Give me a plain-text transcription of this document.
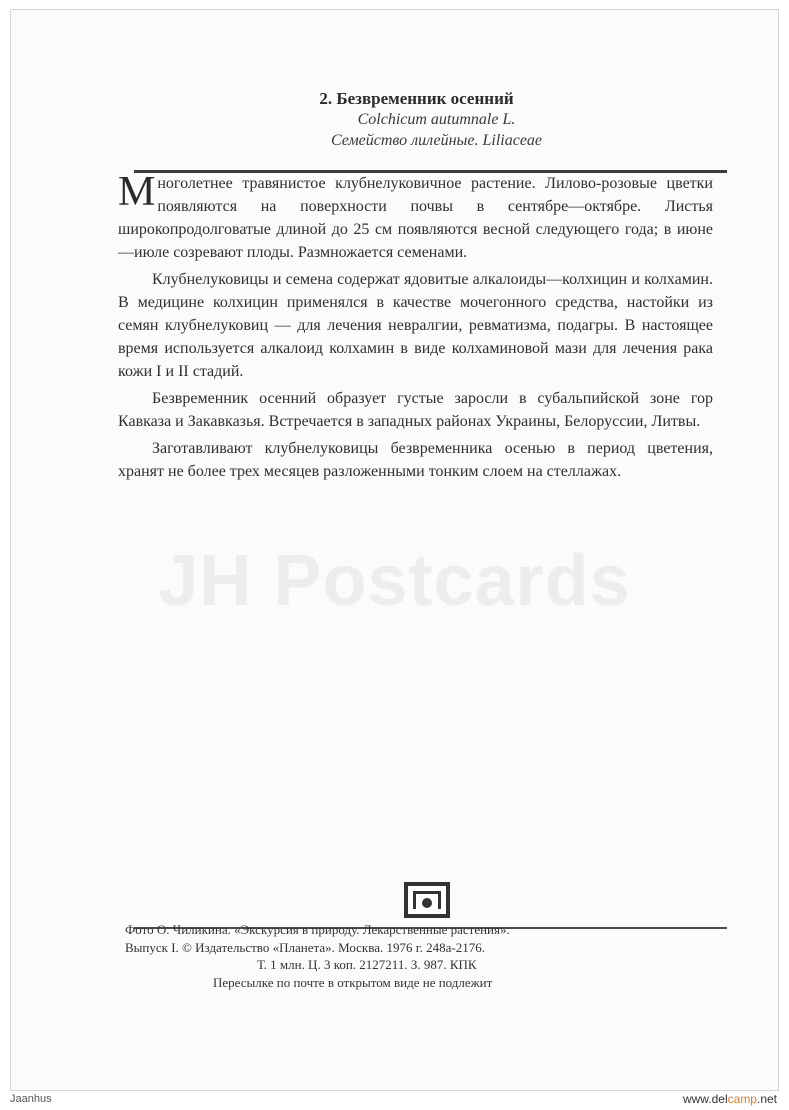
2. Безвременник осенний
Colchicum autumnale L.
Семейство лилейные. Liliaceae
JH Postcards

Многолетнее травянистое клубнелуковичное растение. Лилово-розовые цветки появляются на поверхности почвы в сентябре—октябре. Листья широкопродолговатые длиной до 25 см появляются весной следующего года; в июне—июле созревают плоды. Размножается семенами.

Клубнелуковицы и семена содержат ядовитые алкалоиды—колхицин и колхамин. В медицине колхицин применялся в качестве мочегонного средства, настойки из семян клубнелуковиц — для лечения невралгии, ревматизма, подагры. В настоящее время используется алкалоид колхамин в виде колхаминовой мази для лечения рака кожи I и II стадий.

Безвременник осенний образует густые заросли в субальпийской зоне гор Кавказа и Закавказья. Встречается в западных районах Украины, Белоруссии, Литвы.

Заготавливают клубнелуковицы безвременника осенью в период цветения, хранят не более трех месяцев разложенными тонким слоем на стеллажах.

Фото О. Чиликина. «Экскурсия в природу. Лекарственные растения».
Выпуск I. © Издательство «Планета». Москва. 1976 г. 248а-2176.
Т. 1 млн. Ц. 3 коп. 2127211. З. 987. КПК
Пересылке по почте в открытом виде не подлежит
Jaanhus	www.delcamp.net
